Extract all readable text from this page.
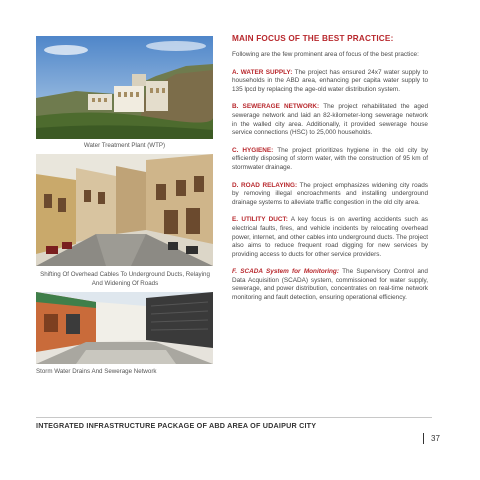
Water Treatment Plant (WTP)
Shifting Of Overhead Cables To Underground Ducts, Relaying And Widening Of Roads
Storm Water Drains And Sewerage Network
MAIN FOCUS OF THE BEST PRACTICE:
Following are the few prominent area of focus of the best practice:
A. WATER SUPPLY: The project has ensured 24x7 water supply to households in the ABD area, enhancing per capita water supply to 135 lpcd by replacing the age-old water distribution system.
B. SEWERAGE NETWORK: The project rehabilitated the aged sewerage network and laid an 82-kilometer-long sewerage network in the walled city area. Additionally, it provided sewerage house service connections (HSC) to 25,000 households.
C. HYGIENE: The project prioritizes hygiene in the old city by efficiently disposing of storm water, with the construction of 95 km of stormwater drainage.
D. ROAD RELAYING: The project emphasizes widening city roads by removing illegal encroachments and installing underground drainage systems to alleviate traffic congestion in the old city area.
E. UTILITY DUCT: A key focus is on averting accidents such as electrical faults, fires, and vehicle incidents by relocating overhead power, internet, and other cables into underground ducts. The project also aims to reduce frequent road digging for new services by providing access to ducts for other service providers.
F. SCADA System for Monitoring: The Supervisory Control and Data Acquisition (SCADA) system, commissioned for water supply, sewerage, and power distribution, concentrates on real-time network monitoring and fault detection, ensuring operational efficiency.
INTEGRATED INFRASTRUCTURE PACKAGE OF ABD AREA OF UDAIPUR CITY
37
